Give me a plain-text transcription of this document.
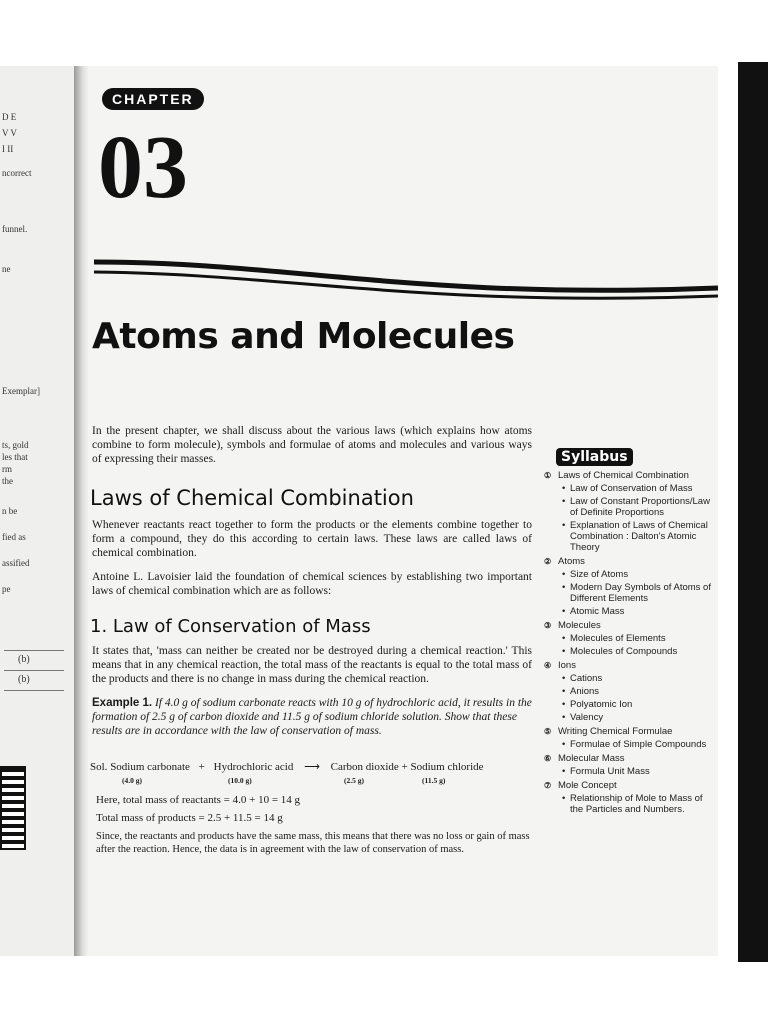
D E
V V
I II
ncorrect
funnel.
ne
Exemplar]
ts, gold
les that
rm
the
n be
fied as
assified
pe
(b)
(b)
CHAPTER
03
Atoms and Molecules
In the present chapter, we shall discuss about the various laws (which explains how atoms combine to form molecule), symbols and formulae of atoms and molecules and various ways of expressing their masses.
Laws of Chemical Combination
Whenever reactants react together to form the products or the elements combine together to form a compound, they do this according to certain laws. These laws are called laws of chemical combination.
Antoine L. Lavoisier laid the foundation of chemical sciences by establishing two important laws of chemical combination which are as follows:
1. Law of Conservation of Mass
It states that, 'mass can neither be created nor be destroyed during a chemical reaction.' This means that in any chemical reaction, the total mass of the reactants is equal to the total mass of the products and there is no change in mass during the chemical reaction.
Example 1. If 4.0 g of sodium carbonate reacts with 10 g of hydrochloric acid, it results in the formation of 2.5 g of carbon dioxide and 11.5 g of sodium chloride solution. Show that these results are in accordance with the law of conservation of mass.
Sol. Sodium carbonate + Hydrochloric acid ⟶ Carbon dioxide + Sodium chloride
(4.0 g)	(10.0 g)	(2.5 g)	(11.5 g)
Here, total mass of reactants = 4.0 + 10 = 14 g
Total mass of products = 2.5 + 11.5 = 14 g
Since, the reactants and products have the same mass, this means that there was no loss or gain of mass after the reaction. Hence, the data is in agreement with the law of conservation of mass.
Syllabus
① Laws of Chemical Combination
• Law of Conservation of Mass
• Law of Constant Proportions/Law of Definite Proportions
• Explanation of Laws of Chemical Combination : Dalton's Atomic Theory
② Atoms
• Size of Atoms
• Modern Day Symbols of Atoms of Different Elements
• Atomic Mass
③ Molecules
• Molecules of Elements
• Molecules of Compounds
④ Ions
• Cations
• Anions
• Polyatomic Ion
• Valency
⑤ Writing Chemical Formulae
• Formulae of Simple Compounds
⑥ Molecular Mass
• Formula Unit Mass
⑦ Mole Concept
• Relationship of Mole to Mass of the Particles and Numbers.
